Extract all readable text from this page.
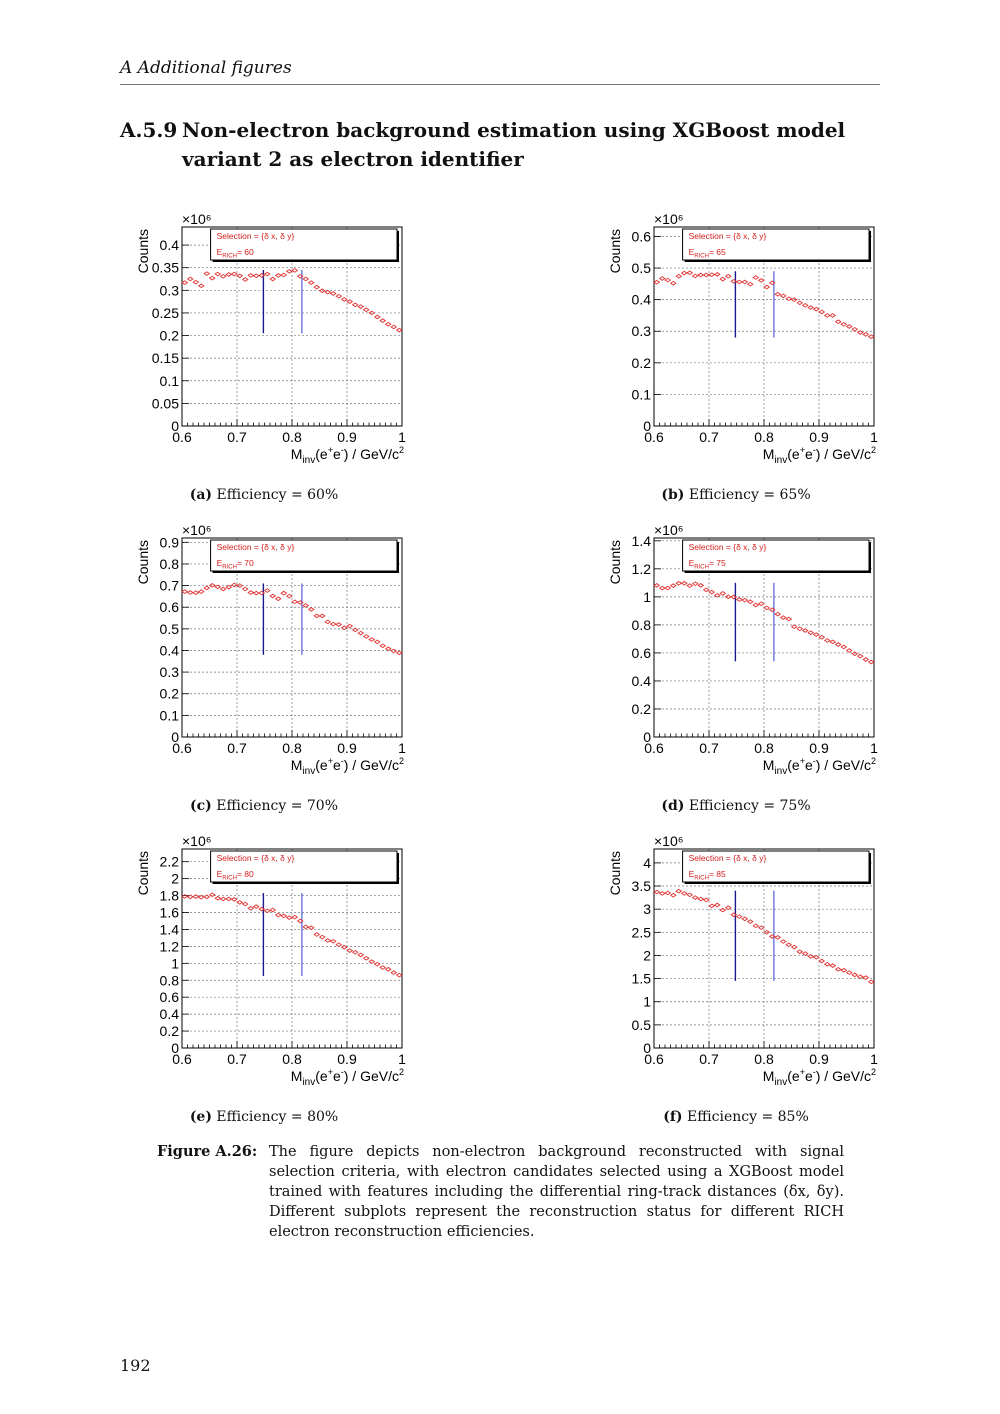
A Additional figures
A.5.9 Non-electron background estimation using XGBoost model variant 2 as electron identifier
0.6	0.7	0.8	0.9	1
0
0.05
0.1
0.15
0.2
0.25
0.3
0.35
0.4
×10⁶
Counts
$M_{inv}(e^+e^-) / GeV/c^2$
Selection = {δ x, δ y}
$E_{RICH}= 60$
(a) Efficiency = 60%
0.6	0.7	0.8	0.9	1
0
0.1
0.2
0.3
0.4
0.5
0.6
×10⁶
Counts
$M_{inv}(e^+e^-) / GeV/c^2$
Selection = {δ x, δ y}
$E_{RICH}= 65$
(b) Efficiency = 65%
0.6	0.7	0.8	0.9	1
0
0.1
0.2
0.3
0.4
0.5
0.6
0.7
0.8
0.9
×10⁶
Counts
$M_{inv}(e^+e^-) / GeV/c^2$
Selection = {δ x, δ y}
$E_{RICH}= 70$
(c) Efficiency = 70%
0.6	0.7	0.8	0.9	1
0
0.2
0.4
0.6
0.8
1
1.2
1.4
×10⁶
Counts
$M_{inv}(e^+e^-) / GeV/c^2$
Selection = {δ x, δ y}
$E_{RICH}= 75$
(d) Efficiency = 75%
0.6	0.7	0.8	0.9	1
0
0.2
0.4
0.6
0.8
1
1.2
1.4
1.6
1.8
2
2.2
×10⁶
Counts
$M_{inv}(e^+e^-) / GeV/c^2$
Selection = {δ x, δ y}
$E_{RICH}= 80$
(e) Efficiency = 80%
0.6	0.7	0.8	0.9	1
0
0.5
1
1.5
2
2.5
3
3.5
4
×10⁶
Counts
$M_{inv}(e^+e^-) / GeV/c^2$
Selection = {δ x, δ y}
$E_{RICH}= 85$
(f) Efficiency = 85%
Figure A.26: The figure depicts non-electron background reconstructed with signal selection criteria, with electron candidates selected using a XGBoost model trained with features including the differential ring-track distances (δx, δy). Different subplots represent the reconstruction status for different RICH electron reconstruction efficiencies.
192
